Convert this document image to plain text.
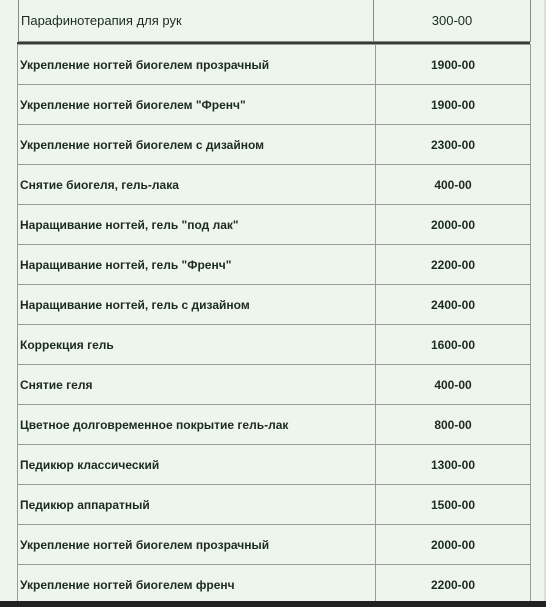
Парафинотерапия для рук	300-00
Укрепление ногтей биогелем прозрачный	1900-00
Укрепление ногтей биогелем "Френч"	1900-00
Укрепление ногтей биогелем с дизайном	2300-00
Снятие биогеля, гель-лака	400-00
Наращивание ногтей, гель "под лак"	2000-00
Наращивание ногтей, гель "Френч"	2200-00
Наращивание ногтей, гель с дизайном	2400-00
Коррекция гель	1600-00
Снятие геля	400-00
Цветное долговременное покрытие гель-лак	800-00
Педикюр классический	1300-00
Педикюр аппаратный	1500-00
Укрепление ногтей биогелем прозрачный	2000-00
Укрепление ногтей биогелем френч	2200-00
